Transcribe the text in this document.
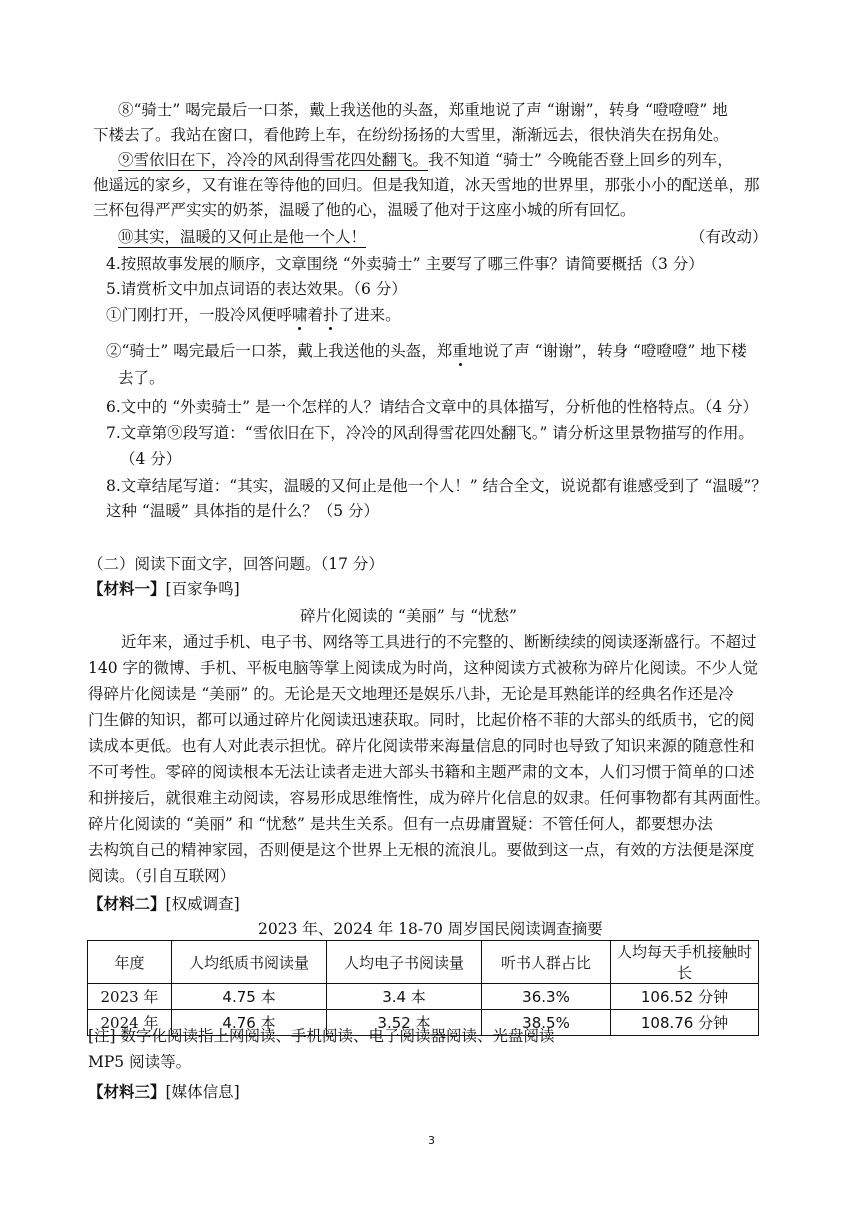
⑧“骑士” 喝完最后一口茶，戴上我送他的头盔，郑重地说了声 “谢谢”，转身 “噔噔噔” 地
下楼去了。我站在窗口，看他跨上车，在纷纷扬扬的大雪里，渐渐远去，很快消失在拐角处。
⑨雪依旧在下，冷冷的风刮得雪花四处翻飞。我不知道 “骑士” 今晚能否登上回乡的列车，
他遥远的家乡，又有谁在等待他的回归。但是我知道，冰天雪地的世界里，那张小小的配送单，那
三杯包得严严实实的奶茶，温暖了他的心，温暖了他对于这座小城的所有回忆。
⑩其实，温暖的又何止是他一个人！	（有改动）
4.按照故事发展的顺序，文章围绕 “外卖骑士” 主要写了哪三件事？请简要概括（3 分）
5.请赏析文中加点词语的表达效果。（6 分）
①门刚打开，一股冷风便呼啸着扑了进来。
②“骑士” 喝完最后一口茶，戴上我送他的头盔，郑重地说了声 “谢谢”，转身 “噔噔噔” 地下楼
去了。
6.文中的 “外卖骑士” 是一个怎样的人？请结合文章中的具体描写，分析他的性格特点。（4 分）
7.文章第⑨段写道：“雪依旧在下，冷冷的风刮得雪花四处翻飞。” 请分析这里景物描写的作用。
（4 分）
8.文章结尾写道：“其实，温暖的又何止是他一个人！” 结合全文，说说都有谁感受到了 “温暖”？
这种 “温暖” 具体指的是什么？（5 分）
（二）阅读下面文字，回答问题。（17 分）
【材料一】[百家争鸣]
碎片化阅读的 “美丽” 与 “忧愁”
近年来，通过手机、电子书、网络等工具进行的不完整的、断断续续的阅读逐渐盛行。不超过
140 字的微博、手机、平板电脑等掌上阅读成为时尚，这种阅读方式被称为碎片化阅读。不少人觉
得碎片化阅读是 “美丽” 的。无论是天文地理还是娱乐八卦，无论是耳熟能详的经典名作还是冷
门生僻的知识，都可以通过碎片化阅读迅速获取。同时，比起价格不菲的大部头的纸质书，它的阅
读成本更低。也有人对此表示担忧。碎片化阅读带来海量信息的同时也导致了知识来源的随意性和
不可考性。零碎的阅读根本无法让读者走进大部头书籍和主题严肃的文本，人们习惯于简单的口述
和拼接后，就很难主动阅读，容易形成思维惰性，成为碎片化信息的奴隶。任何事物都有其两面性。
碎片化阅读的 “美丽” 和 “忧愁” 是共生关系。但有一点毋庸置疑：不管任何人，都要想办法
去构筑自己的精神家园，否则便是这个世界上无根的流浪儿。要做到这一点，有效的方法便是深度
阅读。（引自互联网）
【材料二】[权威调查]
2023 年、2024 年 18-70 周岁国民阅读调查摘要
年度	人均纸质书阅读量	人均电子书阅读量	听书人群占比	人均每天手机接触时长
2023 年	4.75 本	3.4 本	36.3%	106.52 分钟
2024 年	4.76 本	3.52 本	38.5%	108.76 分钟
[注] 数字化阅读指上网阅读、手机阅读、电子阅读器阅读、光盘阅读
MP5 阅读等。
【材料三】[媒体信息]
3
